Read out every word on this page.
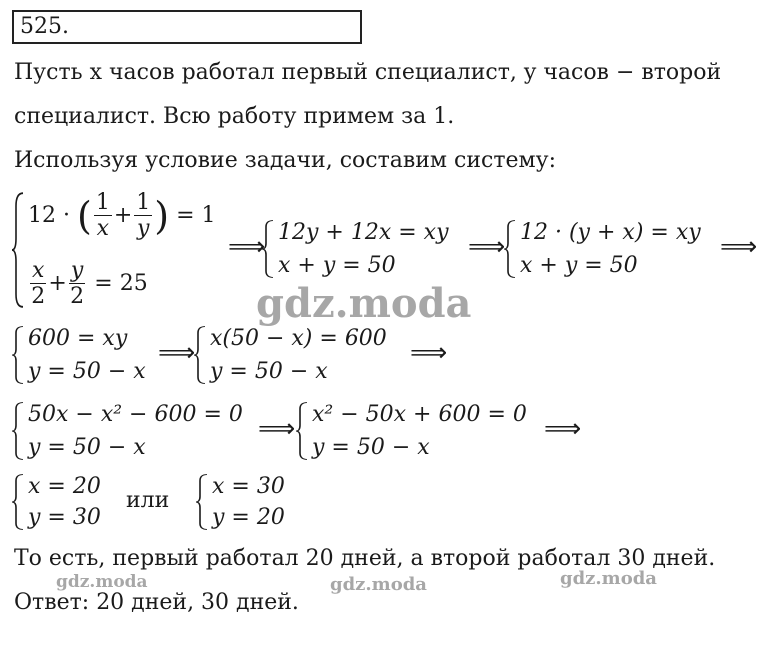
525.
Пусть x часов работал первый специалист, y часов − второй
специалист. Всю работу примем за 1.
Используя условие задачи, составим систему:
12 · ( $\frac{1}{x} + \frac{1}{y}$ ) = 1
$\frac{x}{2} + \frac{y}{2} = 25$
⟹ 12y + 12x = xy
x + y = 50
⟹ 12 · (y + x) = xy
x + y = 50
⟹
gdz.moda
600 = xy
y = 50 − x
⟹ x(50 − x) = 600
y = 50 − x
⟹
50x − x² − 600 = 0
y = 50 − x
⟹ x² − 50x + 600 = 0
y = 50 − x
⟹
x = 20
y = 30
или
x = 30
y = 20
То есть, первый работал 20 дней, а второй работал 30 дней.
gdz.moda	gdz.moda	gdz.moda
Ответ: 20 дней, 30 дней.
